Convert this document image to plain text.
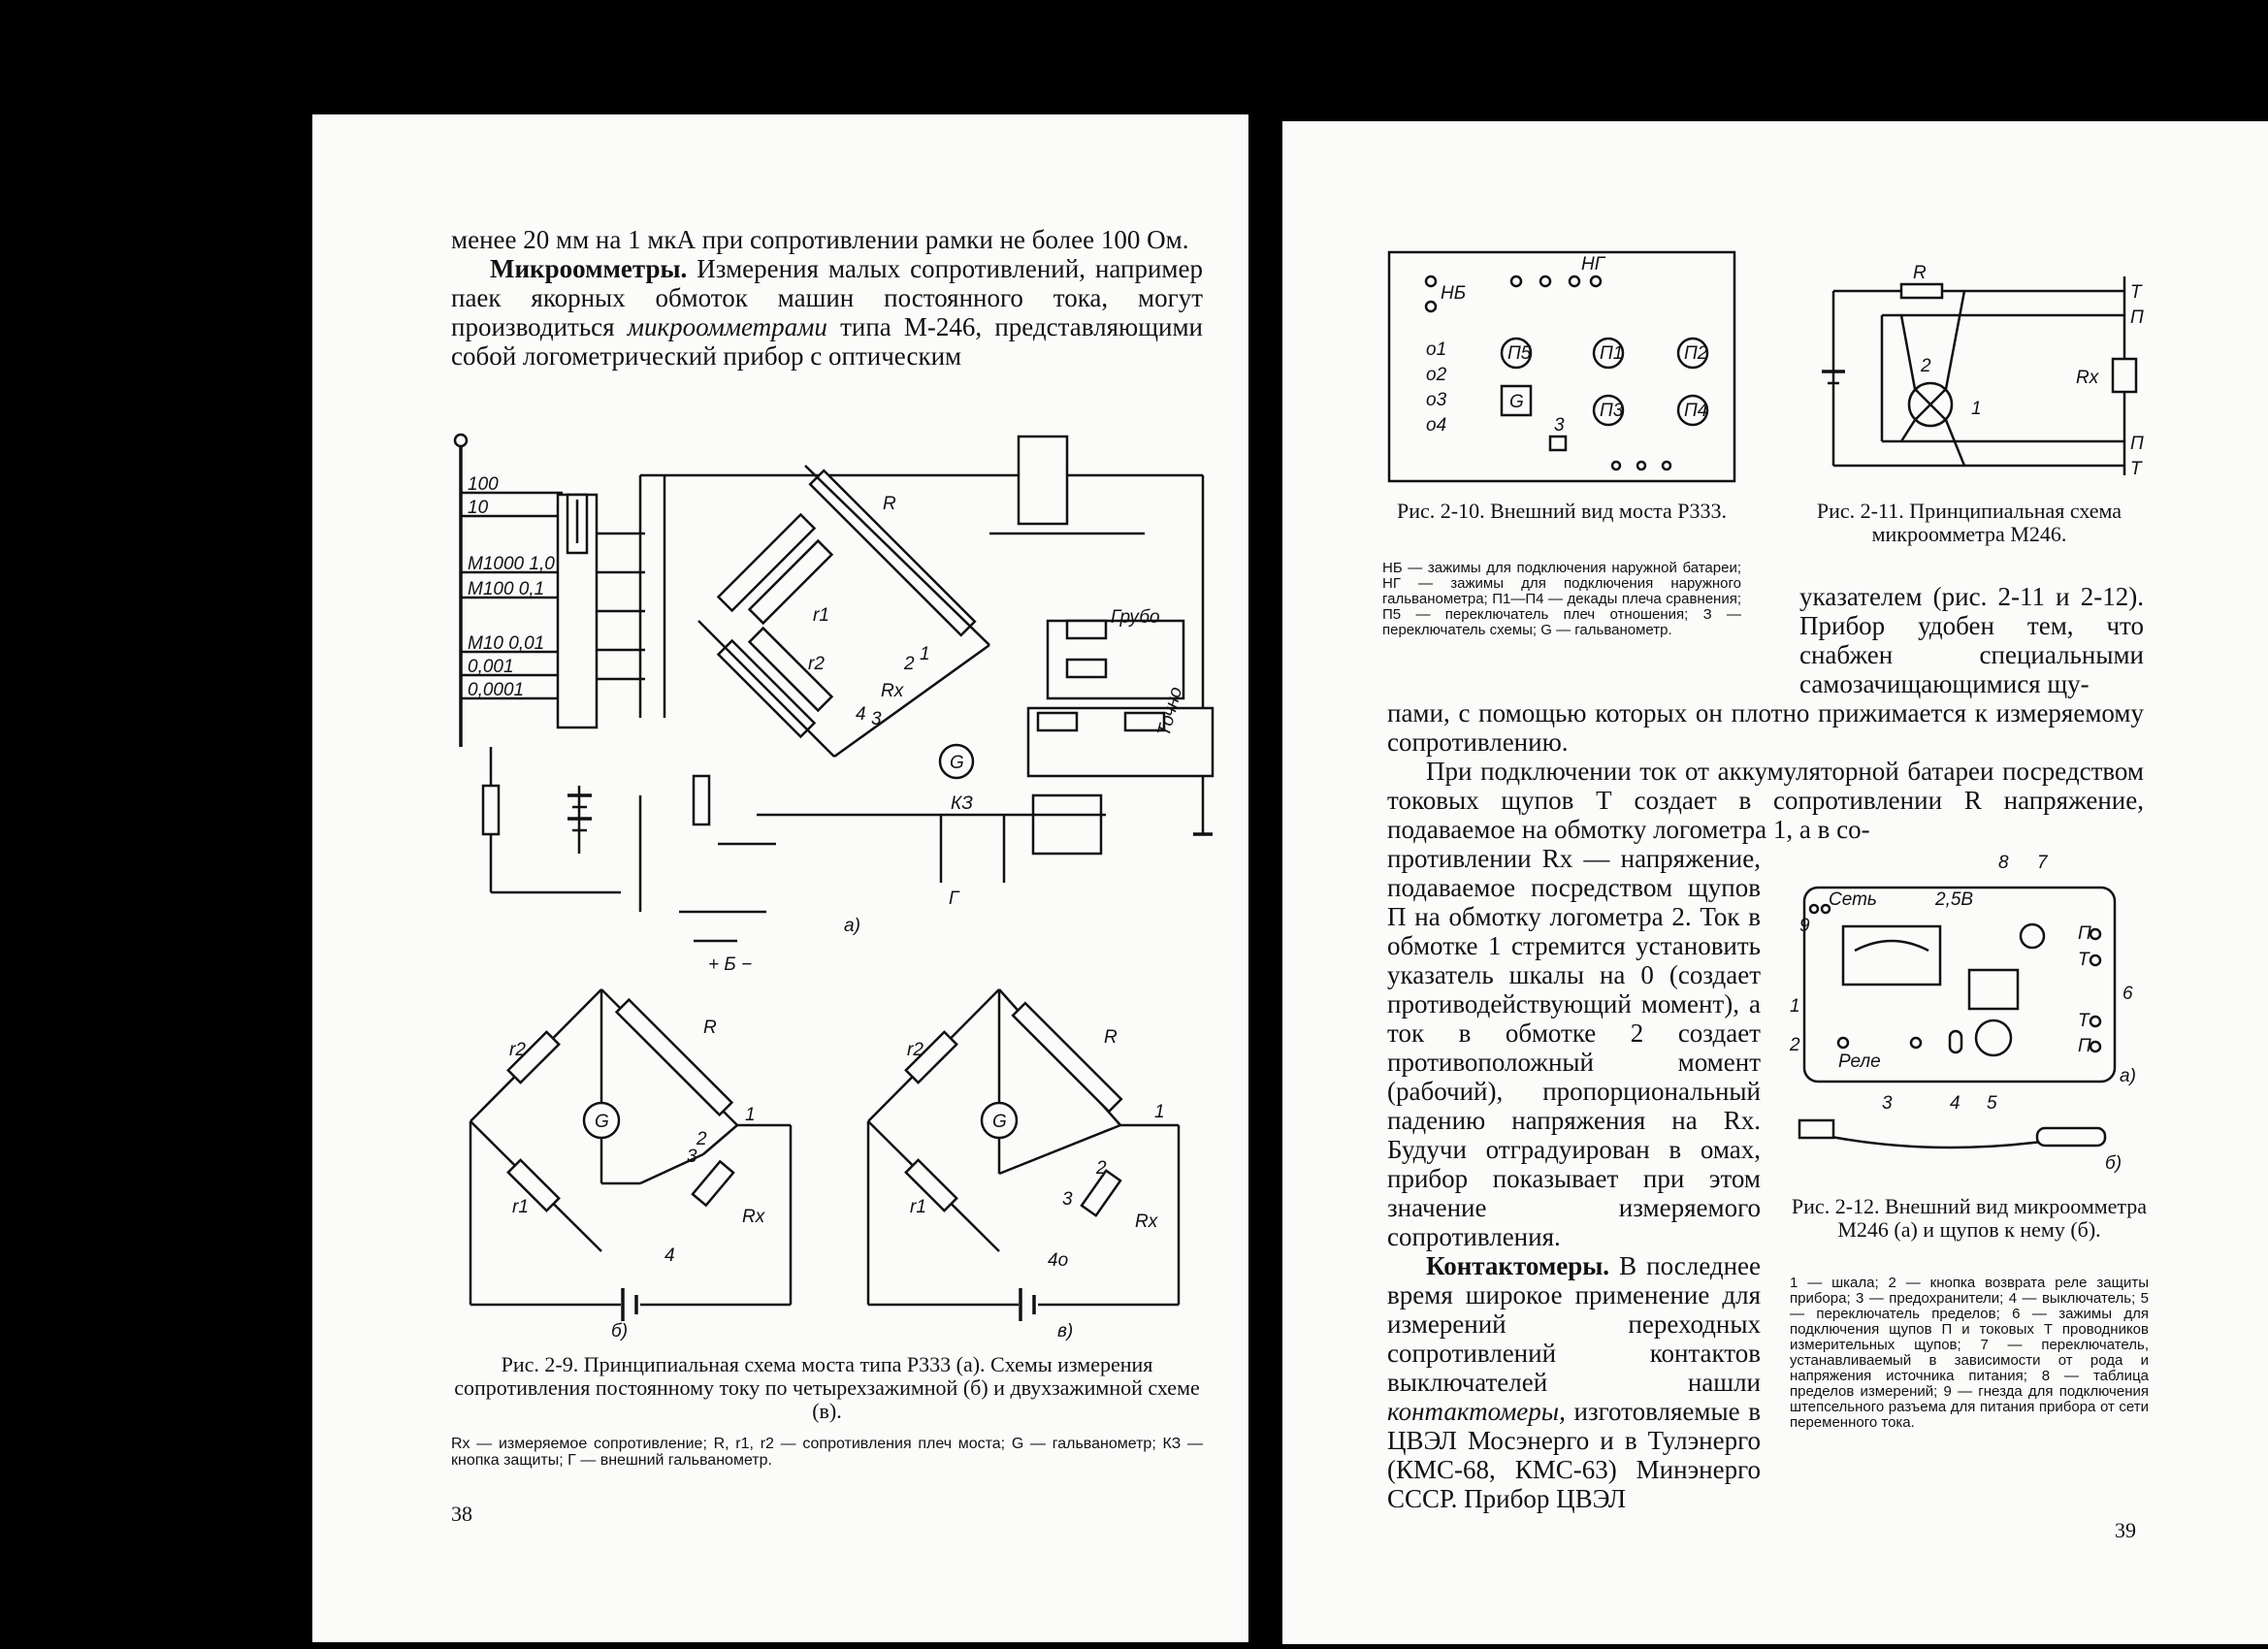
менее 20 мм на 1 мкА при сопротивлении рамки не более 100 Ом.

Микроомметры. Измерения малых сопротивлений, например паек якорных обмоток машин постоянного тока, могут производиться микроомметрами типа М-246, представляющими собой логометрический прибор с оптическим

100
10
М1000 1,0
М100 0,1
М10 0,01
0,001
0,0001
r1
r2
R
Rx
2 1
3
4
G
КЗ
Грубо
Точно
Г
+ Б −
а)
G
r2
r1
R
Rx
3
4
2
1
б)
G
r2
r1
R
Rx
3
4о
2
1
в)
Рис. 2-9. Принципиальная схема моста типа Р333 (а). Схемы измерения сопротивления постоянному току по четырехзажимной (б) и двухзажимной схеме (в).
Rx — измеряемое сопротивление; R, r1, r2 — сопротивления плеч моста; G — гальванометр; КЗ — кнопка защиты; Г — внешний гальванометр.
38
НБ
НГ
о1
о2
о3
о4
П5	П1	П2
G	П3	П4
3
Рис. 2-10. Внешний вид моста Р333.
НБ — зажимы для подключения наружной батареи; НГ — зажимы для подключения наружного гальванометра; П1—П4 — декады плеча сравнения; П5 — переключатель плеч отношения; З — переключатель схемы; G — гальванометр.
R
2
1
Rx
Т
П
П
Т
Рис. 2-11. Принципиальная схема микроомметра М246.
указателем (рис. 2-11 и 2-12). Прибор удобен тем, что снабжен специальными самозачищающимися щу-

пами, с помощью которых он плотно прижимается к измеряемому сопротивлению.

При подключении ток от аккумуляторной батареи посредством токовых щупов Т создает в сопротивлении R напряжение, подаваемое на обмотку логометра 1, а в со-

противлении Rx — напряжение, подаваемое посредством щупов П на обмотку логометра 2. Ток в обмотке 1 стремится установить указатель шкалы на 0 (создает противодействующий момент), а ток в обмотке 2 создает противоположный момент (рабочий), пропорциональный падению напряжения на Rx. Будучи отградуирован в омах, прибор показывает при этом значение измеряемого сопротивления.

Контактомеры. В последнее время широкое применение для измерений переходных сопротивлений контактов выключателей нашли контактомеры, изготовляемые в ЦВЭЛ Мосэнерго и в Тулэнерго (КМС-68, КМС-63) Минэнерго СССР. Прибор ЦВЭЛ

Сеть	2,5В
Реле
9
1
2
3	4 5
6
7
8
П
Т
Т
П
а)
б)
Рис. 2-12. Внешний вид микроомметра М246 (а) и щупов к нему (б).
1 — шкала; 2 — кнопка возврата реле защиты прибора; 3 — предохранители; 4 — выключатель; 5 — переключатель пределов; 6 — зажимы для подключения щупов П и токовых Т проводников измерительных щупов; 7 — переключатель, устанавливаемый в зависимости от рода и напряжения источника питания; 8 — таблица пределов измерений; 9 — гнезда для подключения штепсельного разъема для питания прибора от сети переменного тока.
39
